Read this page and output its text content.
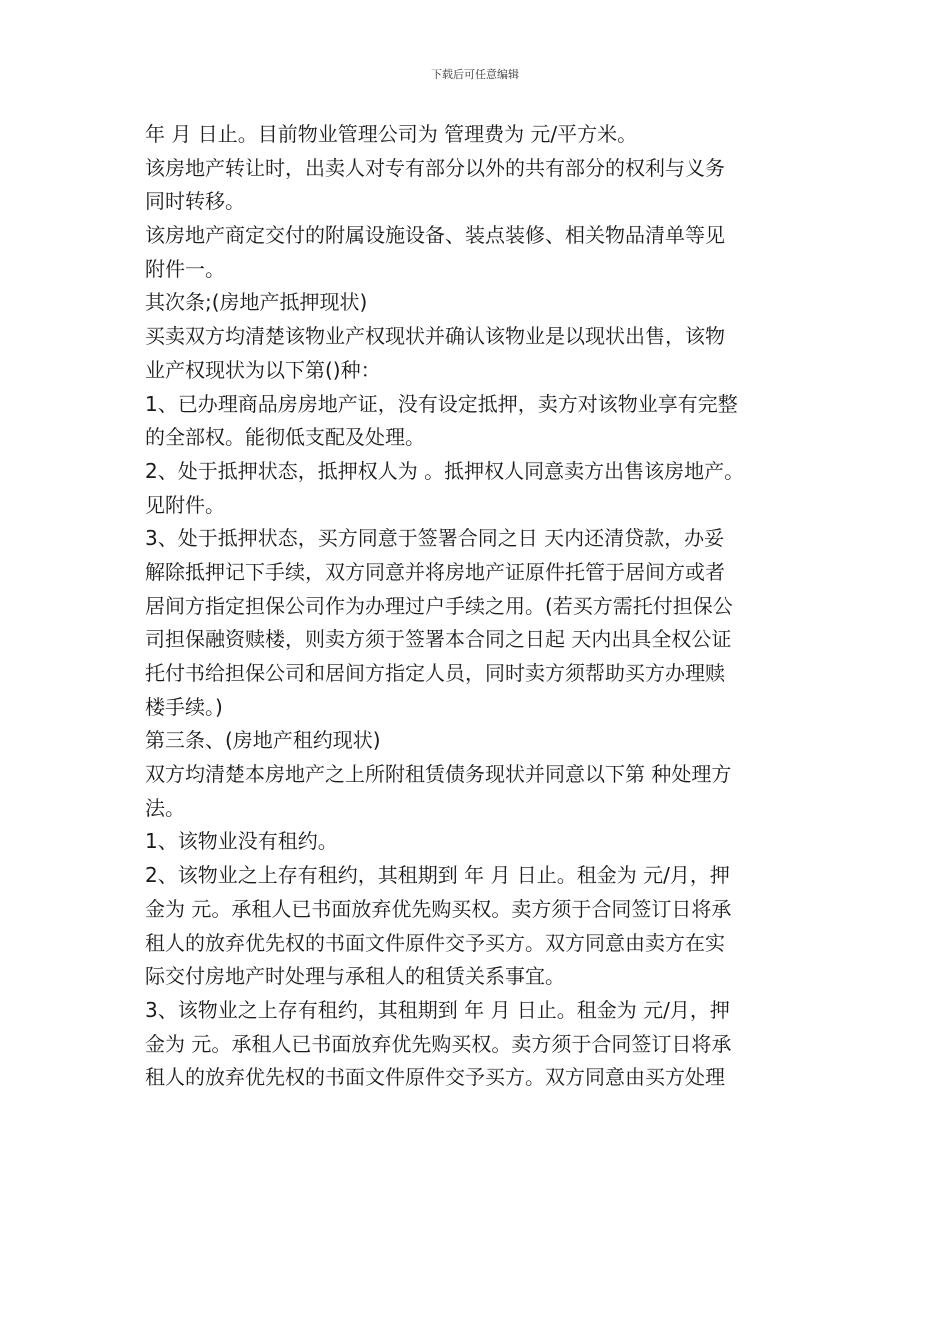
下载后可任意编辑
年 月 日止。目前物业管理公司为 管理费为 元/平方米。
该房地产转让时，出卖人对专有部分以外的共有部分的权利与义务
同时转移。
该房地产商定交付的附属设施设备、装点装修、相关物品清单等见
附件一。
其次条;(房地产抵押现状)
买卖双方均清楚该物业产权现状并确认该物业是以现状出售，该物
业产权现状为以下第()种：
1、已办理商品房房地产证，没有设定抵押，卖方对该物业享有完整
的全部权。能彻低支配及处理。
2、处于抵押状态，抵押权人为 。抵押权人同意卖方出售该房地产。
见附件。
3、处于抵押状态，买方同意于签署合同之日 天内还清贷款，办妥
解除抵押记下手续，双方同意并将房地产证原件托管于居间方或者
居间方指定担保公司作为办理过户手续之用。(若买方需托付担保公
司担保融资赎楼，则卖方须于签署本合同之日起 天内出具全权公证
托付书给担保公司和居间方指定人员，同时卖方须帮助买方办理赎
楼手续。)
第三条、(房地产租约现状)
双方均清楚本房地产之上所附租赁债务现状并同意以下第 种处理方
法。
1、该物业没有租约。
2、该物业之上存有租约，其租期到 年 月 日止。租金为 元/月，押
金为 元。承租人已书面放弃优先购买权。卖方须于合同签订日将承
租人的放弃优先权的书面文件原件交予买方。双方同意由卖方在实
际交付房地产时处理与承租人的租赁关系事宜。
3、该物业之上存有租约，其租期到 年 月 日止。租金为 元/月，押
金为 元。承租人已书面放弃优先购买权。卖方须于合同签订日将承
租人的放弃优先权的书面文件原件交予买方。双方同意由买方处理
